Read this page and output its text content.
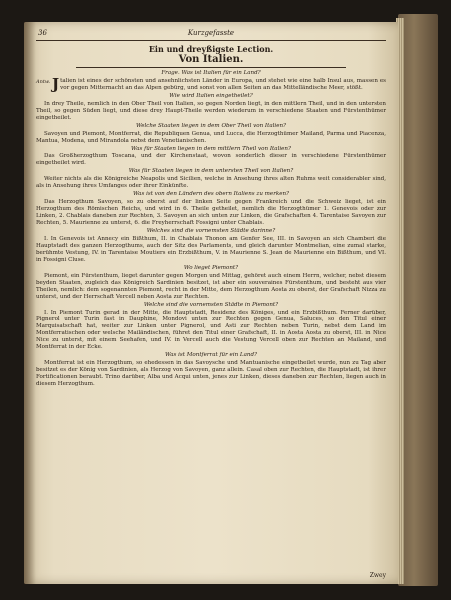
36	Kurzgefasste
Ein und dreyßigste Lection.
Von Italien.
Frage. Was ist Italien für ein Land?

Antw. J talien ist eines der schönsten und ansehnlichsten Länder in Europa, und stehet wie eine halb Insul aus, massen es vor gegen Mitternacht an das Alpen gebürg, und sonst von allen Seiten an das Mittelländische Meer, stößt.

Wie wird Italien eingetheilet?

In drey Theile, nemlich in den Ober Theil von Italien, so gegen Norden liegt, in den mittlern Theil, und in den untersten Theil, so gegen Süden liegt, und diese drey Haupt-Theile werden wiederum in verschiedene Staaten und Fürstenthümer eingetheilet.

Welche Staaten liegen in dem Ober Theil von Italien?

Savoyen und Piemont, Montferrat, die Republiquen Genua, und Lucca, die Herzogthümer Mailand, Parma und Piacenza, Mantua, Modena, und Mirandola nebst dem Venetianischen.

Was für Staaten liegen in dem mittlern Theil von Italien?

Das Großherzogthum Toscana, und der Kirchenstaat, wovon sonderlich dieser in verschiedene Fürstenthümer eingetheilet wird.

Was für Staaten liegen in dem untersten Theil von Italien?

Weiter nichts als die Königreiche Neapolis und Sicilien, welche in Ansehung ihres alten Ruhms weit considerabler sind, als in Ansehung ihres Umfanges oder ihrer Einkünfte.

Was ist von den Ländern des obern Italiens zu merken?

Das Herzogthum Savoyen, so zu oberst auf der linken Seite gegen Frankreich und die Schweiz lieget, ist ein Herzogthum des Römischen Reichs, und wird in 6. Theile getheilet, nemlich die Herzogthümer 1. Genevois oder zur Linken, 2. Chablais daneben zur Rechten, 3. Savoyen an sich unten zur Linken, die Grafschaften 4. Tarentaise Savoyen zur Rechten, 5. Maurienne zu unterst, 6. die Freyherrschaft Fossigni unter Chablais.

Welches sind die vornemsten Städte darinne?

I. In Genevois ist Annecy ein Bißthum, II. in Chablais Thonon am Genfer See, III. in Savoyen an sich Chamberi die Hauptstadt des ganzen Herzogthums, auch der Sitz des Parlaments, und gleich darunter Montmelian, eine zumal starke, berühmte Vestung, IV. in Tarentaise Moutiers ein Erzbißthum, V. in Maurienne S. Jean de Maurienne ein Bißthum, und VI. in Fossigni Cluse.

Wo lieget Piemont?

Piemont, ein Fürstenthum, lieget darunter gegen Morgen und Mittag, gehöret auch einem Herrn, welcher, nebst diesem beyden Staaten, zugleich das Königreich Sardinien besitzet, ist aber ein souveraines Fürstenthum, und besteht aus vier Theilen, nemlich: dem sogenannten Piemont, recht in der Mitte, dem Herzogthum Aosta zu oberst, der Grafschaft Nizza zu unterst, und der Herrschaft Vercell neben Aosta zur Rechten.

Welche sind die vornemsten Städte in Piemont?

I. In Piemont Turin gerad in der Mitte, die Hauptstadt, Residenz des Königes, und ein Erzbißthum. Ferner darüber, Pignerol unter Turin fast in Dauphine, Mondovi unten zur Rechten gegen Genua, Saluces, so den Titul einer Marquisatschaft hat, weiter zur Linken unter Pignerol, und Asti zur Rechten neben Turin, nebst dem Land im Montferratischen oder welsche Mailändischen, führet den Titul einer Grafschaft, II. in Aosta Aosta zu oberst, III. in Nice Nice zu unterst, mit einem Seehafen, und IV. in Vercell auch die Vestung Vercell oben zur Rechten an Mailand, und Montferrat in der Ecke.

Was ist Montferrat für ein Land?

Montferrat ist ein Herzogthum, so ehedessen in das Savoysche und Mantuanische eingetheilet wurde, nun zu Tag aber besitzet es der König von Sardinien, als Herzog von Savoyen, ganz allein. Casal oben zur Rechten, die Hauptstadt, ist ihrer Fortificationen beraubt. Trino darüber, Alba und Acqui unten, jenes zur Linken, dieses daneben zur Rechten, liegen auch in diesem Herzogthum.

Zwey
